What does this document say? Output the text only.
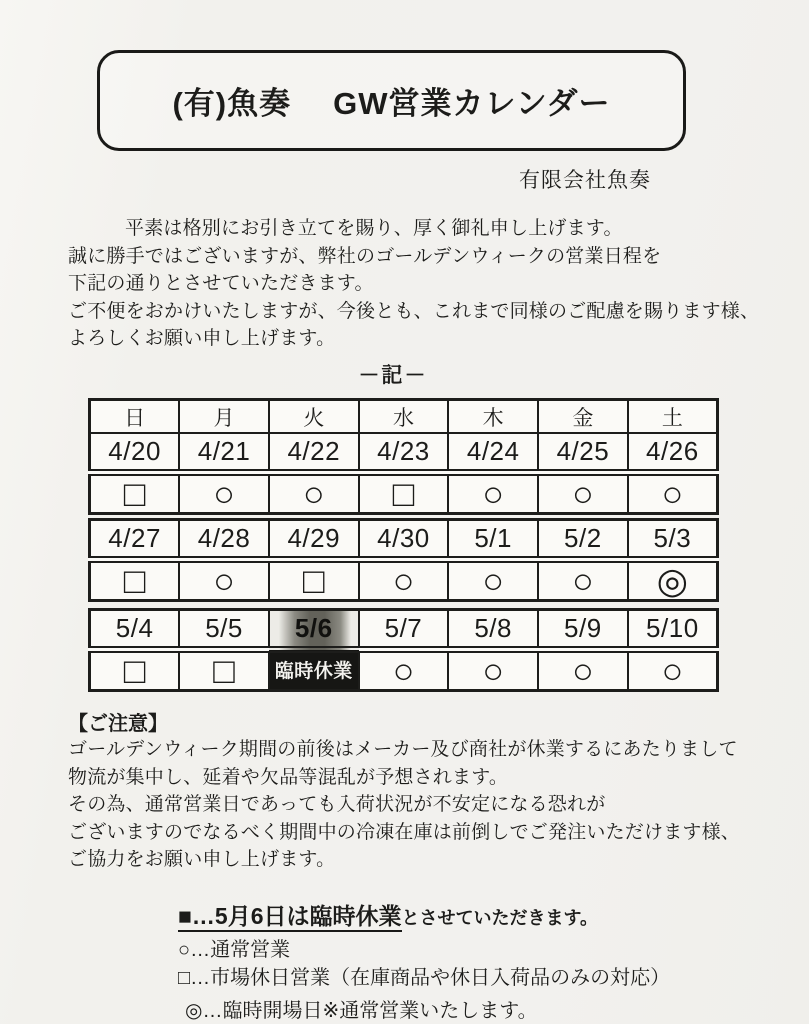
(有)魚奏 GW営業カレンダー
有限会社魚奏
平素は格別にお引き立てを賜り、厚く御礼申し上げます。
誠に勝手ではございますが、弊社のゴールデンウィークの営業日程を
下記の通りとさせていただきます。
ご不便をおかけいたしますが、今後とも、これまで同様のご配慮を賜ります様、
よろしくお願い申し上げます。
－記－
日	月	火	水	木	金	土
4/20	4/21	4/22	4/23	4/24	4/25	4/26
□	○	○	□	○	○	○
4/27	4/28	4/29	4/30	5/1	5/2	5/3
□	○	□	○	○	○	◎
5/4	5/5	5/6	5/7	5/8	5/9	5/10
□	□	臨時休業	○	○	○	○
【ご注意】
ゴールデンウィーク期間の前後はメーカー及び商社が休業するにあたりまして
物流が集中し、延着や欠品等混乱が予想されます。
その為、通常営業日であっても入荷状況が不安定になる恐れが
ございますのでなるべく期間中の冷凍在庫は前倒しでご発注いただけます様、
ご協力をお願い申し上げます。
■…5月6日は臨時休業とさせていただきます。
○…通常営業
□…市場休日営業（在庫商品や休日入荷品のみの対応）
◎…臨時開場日※通常営業いたします。
